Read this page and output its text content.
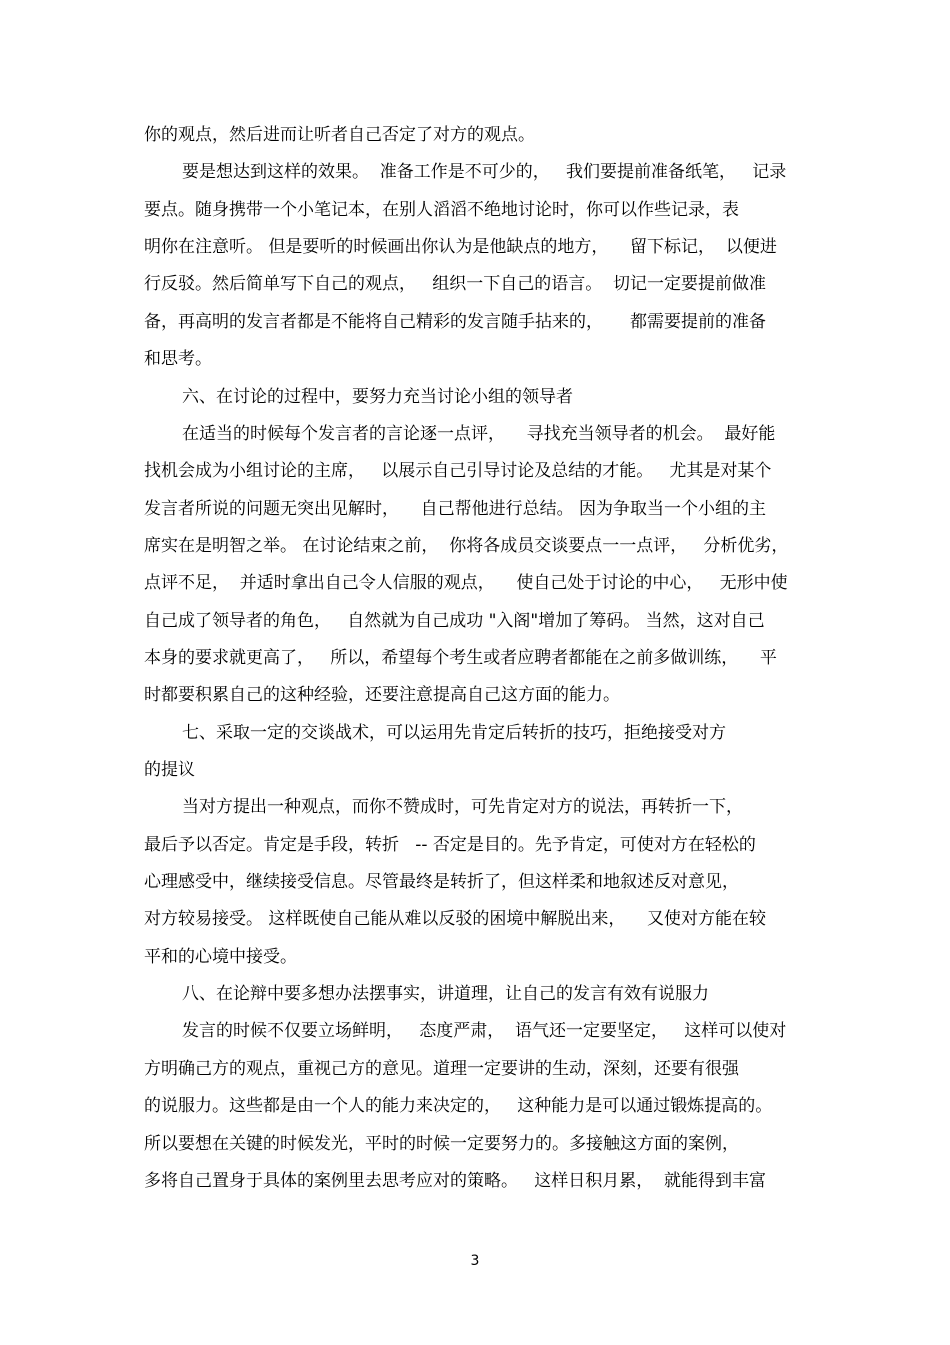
你的观点，然后进而让听者自己否定了对方的观点。
要是想达到这样的效果。  准备工作是不可少的，   我们要提前准备纸笔，   记录
要点。随身携带一个小笔记本，在别人滔滔不绝地讨论时，你可以作些记录，表
明你在注意听。 但是要听的时候画出你认为是他缺点的地方，    留下标记，  以便进
行反驳。然后简单写下自己的观点，   组织一下自己的语言。  切记一定要提前做准
备，再高明的发言者都是不能将自己精彩的发言随手拈来的，     都需要提前的准备
和思考。
六、在讨论的过程中，要努力充当讨论小组的领导者
在适当的时候每个发言者的言论逐一点评，    寻找充当领导者的机会。  最好能
找机会成为小组讨论的主席，   以展示自己引导讨论及总结的才能。   尤其是对某个
发言者所说的问题无突出见解时，    自己帮他进行总结。 因为争取当一个小组的主
席实在是明智之举。 在讨论结束之前，  你将各成员交谈要点一一点评，   分析优劣，
点评不足，  并适时拿出自己令人信服的观点，    使自己处于讨论的中心，   无形中使
自己成了领导者的角色，   自然就为自己成功 "入阁"增加了筹码。 当然，这对自己
本身的要求就更高了，   所以，希望每个考生或者应聘者都能在之前多做训练，    平
时都要积累自己的这种经验，还要注意提高自己这方面的能力。
七、采取一定的交谈战术，可以运用先肯定后转折的技巧，拒绝接受对方
的提议
当对方提出一种观点，而你不赞成时，可先肯定对方的说法，再转折一下，
最后予以否定。肯定是手段，转折   -- 否定是目的。先予肯定，可使对方在轻松的
心理感受中，继续接受信息。尽管最终是转折了，但这样柔和地叙述反对意见，
对方较易接受。 这样既使自己能从难以反驳的困境中解脱出来，    又使对方能在较
平和的心境中接受。
八、在论辩中要多想办法摆事实，讲道理，让自己的发言有效有说服力
发言的时候不仅要立场鲜明，   态度严肃，  语气还一定要坚定，   这样可以使对
方明确己方的观点，重视己方的意见。道理一定要讲的生动，深刻，还要有很强
的说服力。这些都是由一个人的能力来决定的，   这种能力是可以通过锻炼提高的。
所以要想在关键的时候发光，平时的时候一定要努力的。多接触这方面的案例，
多将自己置身于具体的案例里去思考应对的策略。   这样日积月累，  就能得到丰富
3
